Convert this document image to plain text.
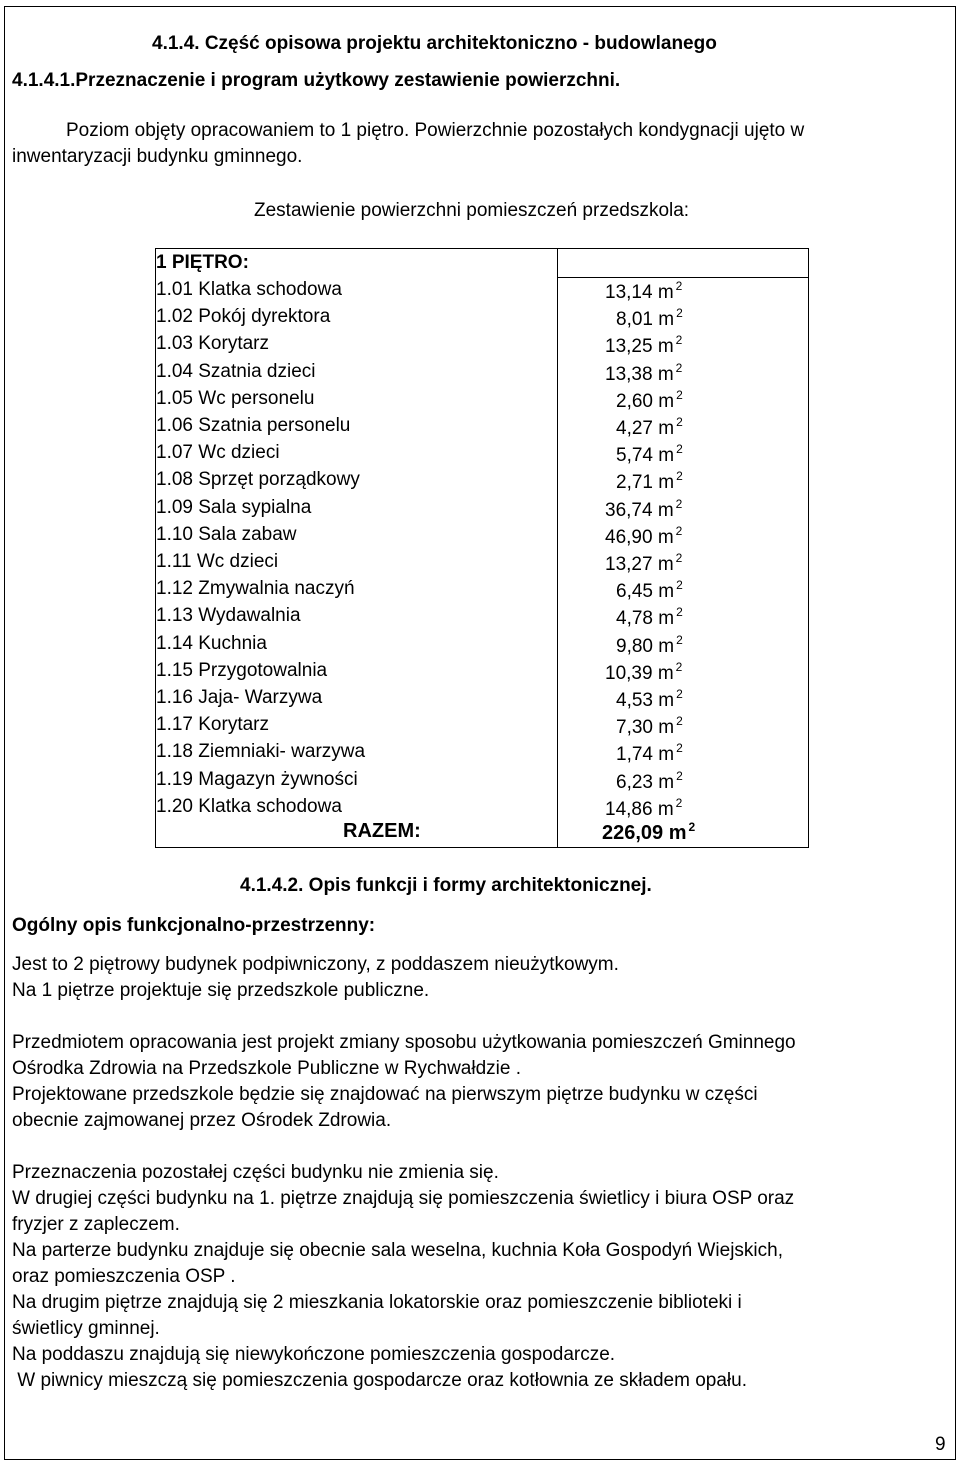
4.1.4. Część opisowa projektu architektoniczno - budowlanego
4.1.4.1.Przeznaczenie i program użytkowy zestawienie powierzchni.
Poziom objęty opracowaniem to 1 piętro. Powierzchnie pozostałych kondygnacji ujęto w
inwentaryzacji budynku gminnego.
Zestawienie powierzchni pomieszczeń przedszkola:
1 PIĘTRO:
1.01 Klatka schodowa	13,14 m $^2$
1.02 Pokój dyrektora	8,01 m $^2$
1.03 Korytarz	13,25 m $^2$
1.04 Szatnia dzieci	13,38 m $^2$
1.05 Wc personelu	2,60 m $^2$
1.06 Szatnia personelu	4,27 m $^2$
1.07 Wc dzieci	5,74 m $^2$
1.08 Sprzęt porządkowy	2,71 m $^2$
1.09 Sala sypialna	36,74 m $^2$
1.10 Sala zabaw	46,90 m $^2$
1.11 Wc dzieci	13,27 m $^2$
1.12 Zmywalnia naczyń	6,45 m $^2$
1.13 Wydawalnia	4,78 m $^2$
1.14 Kuchnia	9,80 m $^2$
1.15 Przygotowalnia	10,39 m $^2$
1.16 Jaja- Warzywa	4,53 m $^2$
1.17 Korytarz	7,30 m $^2$
1.18 Ziemniaki- warzywa	1,74 m $^2$
1.19 Magazyn żywności	6,23 m $^2$
1.20 Klatka schodowa	14,86 m $^2$
RAZEM:	226,09 m $^2$
4.1.4.2. Opis funkcji i formy architektonicznej.
Ogólny opis funkcjonalno-przestrzenny:
Jest to 2 piętrowy budynek podpiwniczony, z poddaszem nieużytkowym.
Na 1 piętrze projektuje się przedszkole publiczne.
Przedmiotem opracowania jest projekt zmiany sposobu użytkowania pomieszczeń Gminnego
Ośrodka Zdrowia na Przedszkole Publiczne w Rychwałdzie .
Projektowane przedszkole będzie się znajdować na pierwszym piętrze budynku w części
obecnie zajmowanej przez Ośrodek Zdrowia.
Przeznaczenia pozostałej części budynku nie zmienia się.
W drugiej części budynku na 1. piętrze znajdują się pomieszczenia świetlicy i biura OSP oraz
fryzjer z zapleczem.
Na parterze budynku znajduje się obecnie sala weselna, kuchnia Koła Gospodyń Wiejskich,
oraz pomieszczenia OSP .
Na drugim piętrze znajdują się 2 mieszkania lokatorskie oraz pomieszczenie biblioteki i
świetlicy gminnej.
Na poddaszu znajdują się niewykończone pomieszczenia gospodarcze.
W piwnicy mieszczą się pomieszczenia gospodarcze oraz kotłownia ze składem opału.
9
